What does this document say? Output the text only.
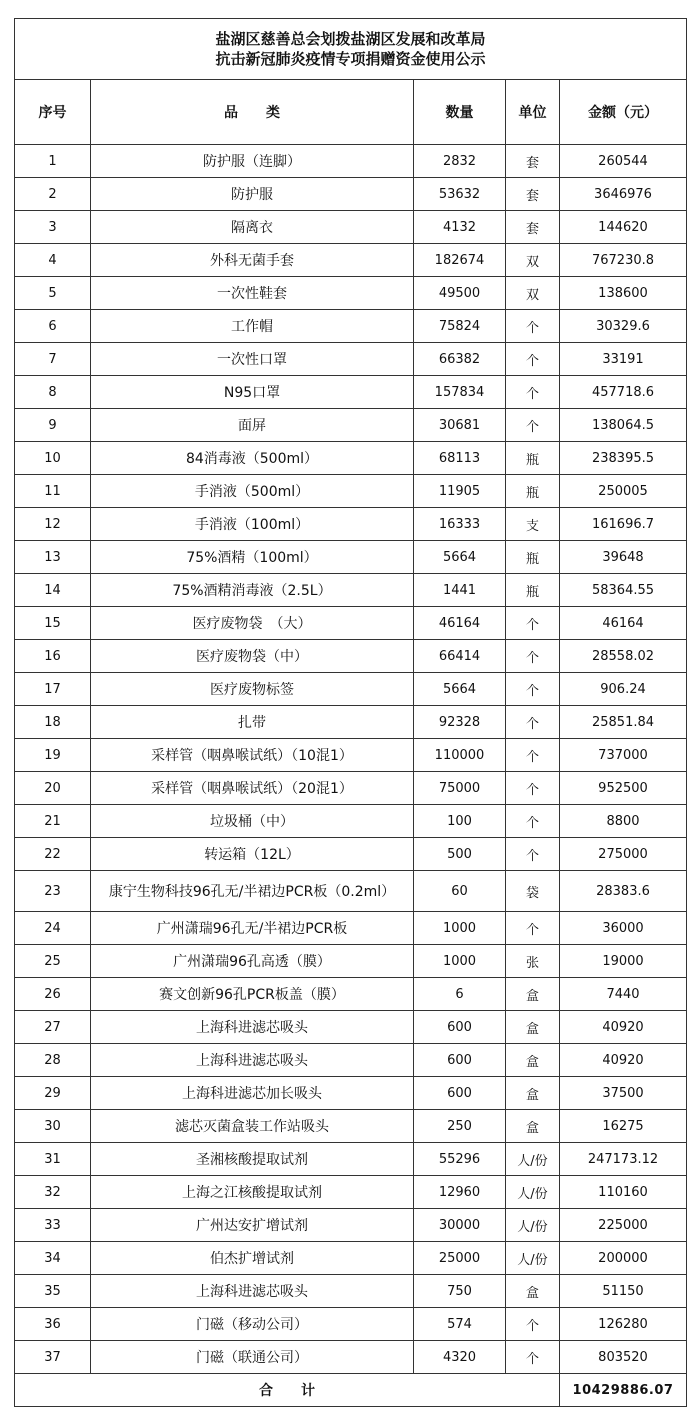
盐湖区慈善总会划拨盐湖区发展和改革局
抗击新冠肺炎疫情专项捐赠资金使用公示				

序号	品　　类	数量	单位	金额（元）
1	防护服（连脚）	2832	套	260544
2	防护服	53632	套	3646976
3	隔离衣	4132	套	144620
4	外科无菌手套	182674	双	767230.8
5	一次性鞋套	49500	双	138600
6	工作帽	75824	个	30329.6
7	一次性口罩	66382	个	33191
8	N95口罩	157834	个	457718.6
9	面屏	30681	个	138064.5
10	84消毒液（500ml）	68113	瓶	238395.5
11	手消液（500ml）	11905	瓶	250005
12	手消液（100ml）	16333	支	161696.7
13	75%酒精（100ml）	5664	瓶	39648
14	75%酒精消毒液（2.5L）	1441	瓶	58364.55
15	医疗废物袋　（大）	46164	个	46164
16	医疗废物袋（中）	66414	个	28558.02
17	医疗废物标签	5664	个	906.24
18	扎带	92328	个	25851.84
19	采样管（咽鼻喉试纸）（10混1）	110000	个	737000
20	采样管（咽鼻喉试纸）（20混1）	75000	个	952500
21	垃圾桶（中）	100	个	8800
22	转运箱（12L）	500	个	275000
23	康宁生物科技96孔无/半裙边PCR板（0.2ml）	60	袋	28383.6
24	广州潇瑞96孔无/半裙边PCR板	1000	个	36000
25	广州潇瑞96孔高透（膜）	1000	张	19000
26	赛文创新96孔PCR板盖（膜）	6	盒	7440
27	上海科进滤芯吸头	600	盒	40920
28	上海科进滤芯吸头	600	盒	40920
29	上海科进滤芯加长吸头	600	盒	37500
30	滤芯灭菌盒装工作站吸头	250	盒	16275
31	圣湘核酸提取试剂	55296	人/份	247173.12
32	上海之江核酸提取试剂	12960	人/份	110160
33	广州达安扩增试剂	30000	人/份	225000
34	伯杰扩增试剂	25000	人/份	200000
35	上海科进滤芯吸头	750	盒	51150
36	门磁（移动公司）	574	个	126280
37	门磁（联通公司）	4320	个	803520
合　　计				10429886.07
